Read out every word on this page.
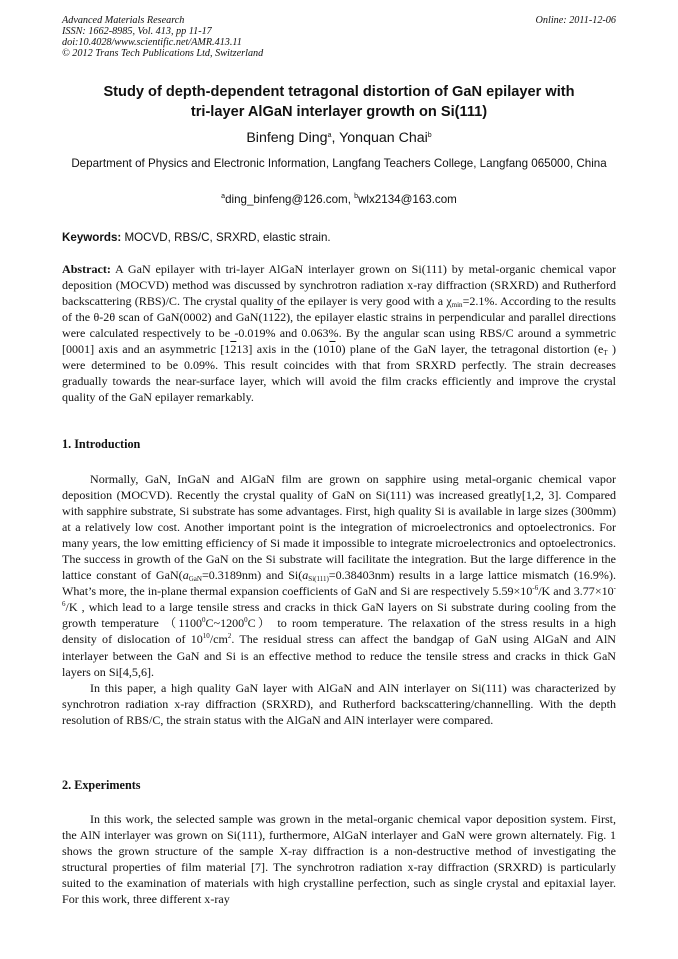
Advanced Materials Research
ISSN: 1662-8985, Vol. 413, pp 11-17
doi:10.4028/www.scientific.net/AMR.413.11
© 2012 Trans Tech Publications Ltd, Switzerland
Online: 2011-12-06
Study of depth-dependent tetragonal distortion of GaN epilayer with
tri-layer AlGaN interlayer growth on Si(111)
Binfeng Ding$^a$, Yonquan Chai$^b$
Department of Physics and Electronic Information, Langfang Teachers College, Langfang 065000, China
$^a$ding_binfeng@126.com, $^b$wlx2134@163.com
Keywords: MOCVD, RBS/C, SRXRD, elastic strain.

Abstract: A GaN epilayer with tri-layer AlGaN interlayer grown on Si(111) by metal-organic chemical vapor deposition (MOCVD) method was discussed by synchrotron radiation x-ray diffraction (SRXRD) and Rutherford backscattering (RBS)/C. The crystal quality of the epilayer is very good with a $\chi_{min}=2.1\%$. According to the results of the θ-2θ scan of GaN(0002) and GaN(1122), the epilayer elastic strains in perpendicular and parallel directions were calculated respectively to be -0.019% and 0.063%. By the angular scan using RBS/C around a symmetric [0001] axis and an asymmetric [1213] axis in the (1010) plane of the GaN layer, the tetragonal distortion ($e_T$ ) were determined to be 0.09%. This result coincides with that from SRXRD perfectly. The strain decreases gradually towards the near-surface layer, which will avoid the film cracks efficiently and improve the crystal quality of the GaN epilayer remarkably.

1. Introduction

Normally, GaN, InGaN and AlGaN film are grown on sapphire using metal-organic chemical vapor deposition (MOCVD). Recently the crystal quality of GaN on Si(111) was increased greatly[1,2, 3]. Compared with sapphire substrate, Si substrate has some advantages. First, high quality Si is available in large sizes (300mm) at a relatively low cost. Another important point is the integration of microelectronics and optoelectronics. For many years, the low emitting efficiency of Si made it impossible to integrate microelectronics and optoelectronics. The success in growth of the GaN on the Si substrate will facilitate the integration. But the large difference in the lattice constant of $GaN(a_{GaN}=0.3189nm)$ and $Si(a_{Si(111)}=0.38403nm)$ results in a large lattice mismatch (16.9%). What’s more, the in-plane thermal expansion coefficients of GaN and Si are respectively $5.59\times 10^{-6}/K$ and $3.77\times 10^{-6}/K$ , which lead to a large tensile stress and cracks in thick GaN layers on Si substrate during cooling from the growth temperature （1100$^0$C~1200$^0$C） to room temperature. The relaxation of the stress results in a high density of dislocation of $10^{10}/cm^2$. The residual stress can affect the bandgap of GaN using AlGaN and AlN interlayer between the GaN and Si is an effective method to reduce the tensile stress and cracks in thick GaN layers on Si[4,5,6].

In this paper, a high quality GaN layer with AlGaN and AlN interlayer on Si(111) was characterized by synchrotron radiation x-ray diffraction (SRXRD), and Rutherford backscattering/channelling. With the depth resolution of RBS/C, the strain status with the AlGaN and AlN interlayer were compared.

2. Experiments

In this work, the selected sample was grown in the metal-organic chemical vapor deposition system. First, the AlN interlayer was grown on Si(111), furthermore, AlGaN interlayer and GaN were grown alternately. Fig. 1 shows the grown structure of the sample X-ray diffraction is a non-destructive method of investigating the structural properties of film material [7]. The synchrotron radiation x-ray diffraction (SRXRD) is particularly suited to the examination of materials with high crystalline perfection, such as single crystal and epitaxial layer. For this work, three different x-ray
